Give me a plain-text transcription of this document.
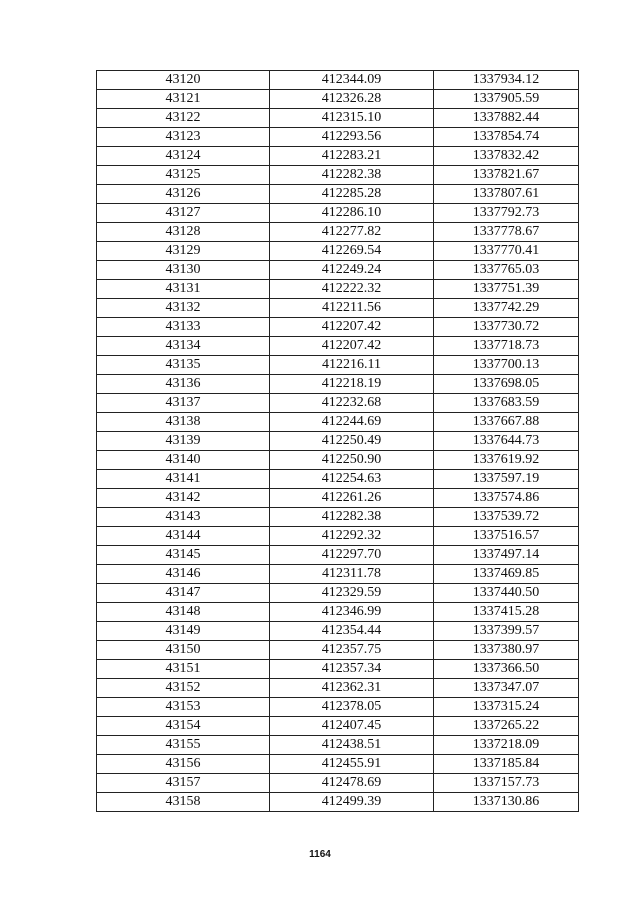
43120	412344.09	1337934.12
43121	412326.28	1337905.59
43122	412315.10	1337882.44
43123	412293.56	1337854.74
43124	412283.21	1337832.42
43125	412282.38	1337821.67
43126	412285.28	1337807.61
43127	412286.10	1337792.73
43128	412277.82	1337778.67
43129	412269.54	1337770.41
43130	412249.24	1337765.03
43131	412222.32	1337751.39
43132	412211.56	1337742.29
43133	412207.42	1337730.72
43134	412207.42	1337718.73
43135	412216.11	1337700.13
43136	412218.19	1337698.05
43137	412232.68	1337683.59
43138	412244.69	1337667.88
43139	412250.49	1337644.73
43140	412250.90	1337619.92
43141	412254.63	1337597.19
43142	412261.26	1337574.86
43143	412282.38	1337539.72
43144	412292.32	1337516.57
43145	412297.70	1337497.14
43146	412311.78	1337469.85
43147	412329.59	1337440.50
43148	412346.99	1337415.28
43149	412354.44	1337399.57
43150	412357.75	1337380.97
43151	412357.34	1337366.50
43152	412362.31	1337347.07
43153	412378.05	1337315.24
43154	412407.45	1337265.22
43155	412438.51	1337218.09
43156	412455.91	1337185.84
43157	412478.69	1337157.73
43158	412499.39	1337130.86
1164
